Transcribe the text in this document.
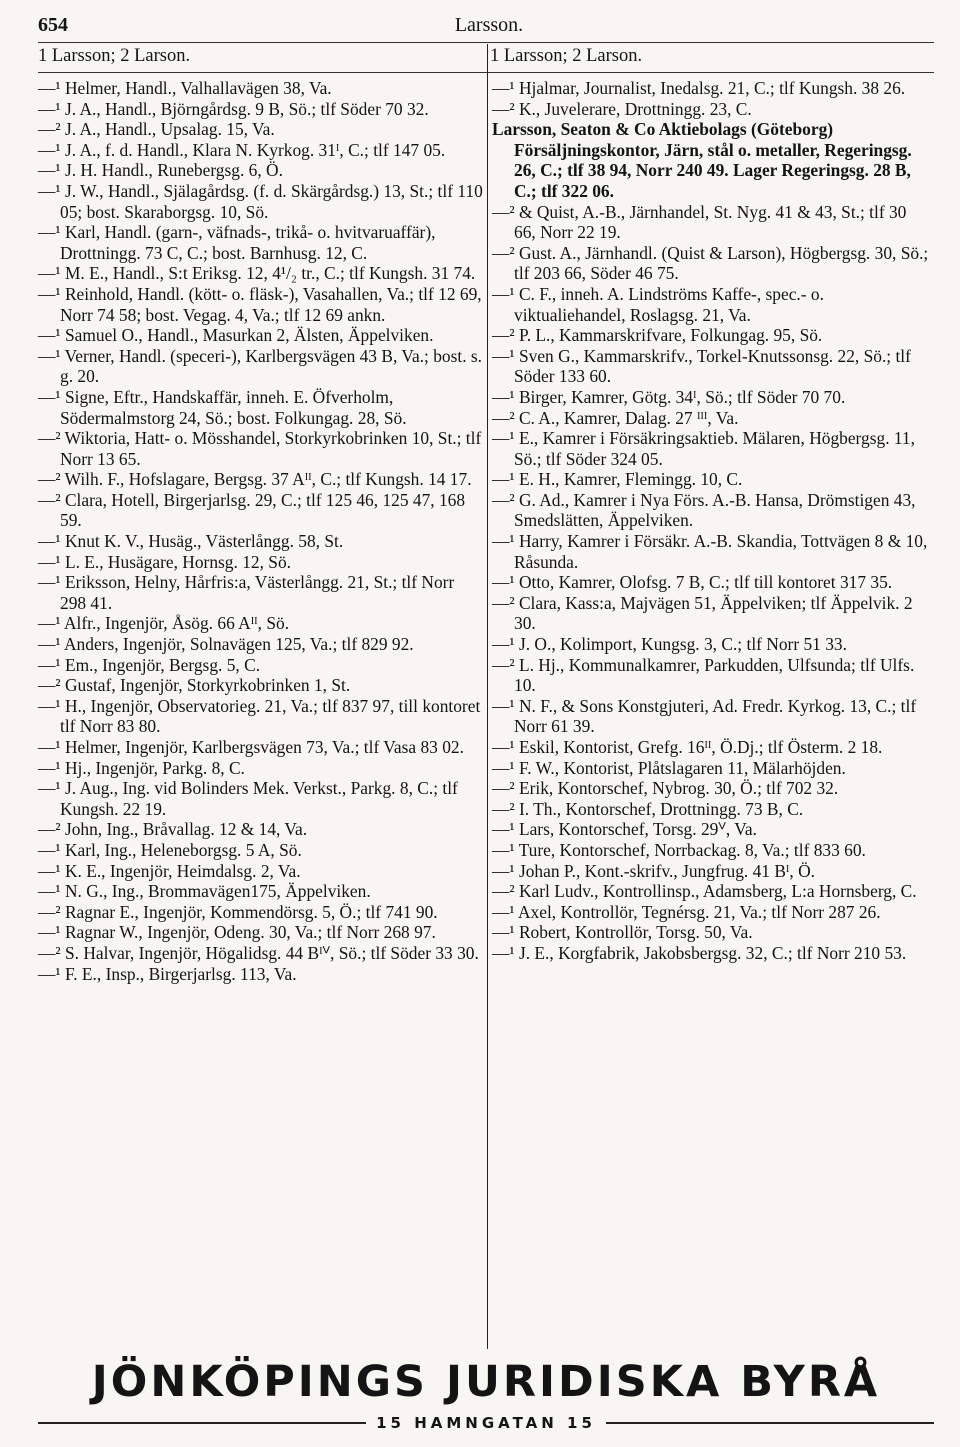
654	Larsson.
1 Larsson; 2 Larson.	1 Larsson; 2 Larson.

—¹ Helmer, Handl., Valhallavägen 38, Va.

—¹ J. A., Handl., Björngårdsg. 9 B, Sö.; tlf Söder 70 32.

—² J. A., Handl., Upsalag. 15, Va.

—¹ J. A., f. d. Handl., Klara N. Kyrkog. 31ᴵ, C.; tlf 147 05.

—¹ J. H. Handl., Runebergsg. 6, Ö.

—¹ J. W., Handl., Själagårdsg. (f. d. Skärgårdsg.) 13, St.; tlf 110 05; bost. Skaraborgsg. 10, Sö.

—¹ Karl, Handl. (garn-, väfnads-, trikå- o. hvitvaruaffär), Drottningg. 73 C, C.; bost. Barnhusg. 12, C.

—¹ M. E., Handl., S:t Eriksg. 12, 4¹/₂ tr., C.; tlf Kungsh. 31 74.

—¹ Reinhold, Handl. (kött- o. fläsk-), Vasahallen, Va.; tlf 12 69, Norr 74 58; bost. Vegag. 4, Va.; tlf 12 69 ankn.

—¹ Samuel O., Handl., Masurkan 2, Älsten, Äppelviken.

—¹ Verner, Handl. (speceri-), Karlbergsvägen 43 B, Va.; bost. s. g. 20.

—¹ Signe, Eftr., Handskaffär, inneh. E. Öfverholm, Södermalmstorg 24, Sö.; bost. Folkungag. 28, Sö.

—² Wiktoria, Hatt- o. Mösshandel, Storkyrkobrinken 10, St.; tlf Norr 13 65.

—² Wilh. F., Hofslagare, Bergsg. 37 Aᴵᴵ, C.; tlf Kungsh. 14 17.

—² Clara, Hotell, Birgerjarlsg. 29, C.; tlf 125 46, 125 47, 168 59.

—¹ Knut K. V., Husäg., Västerlångg. 58, St.

—¹ L. E., Husägare, Hornsg. 12, Sö.

—¹ Eriksson, Helny, Hårfris:a, Västerlångg. 21, St.; tlf Norr 298 41.

—¹ Alfr., Ingenjör, Åsög. 66 Aᴵᴵ, Sö.

—¹ Anders, Ingenjör, Solnavägen 125, Va.; tlf 829 92.

—¹ Em., Ingenjör, Bergsg. 5, C.

—² Gustaf, Ingenjör, Storkyrkobrinken 1, St.

—¹ H., Ingenjör, Observatorieg. 21, Va.; tlf 837 97, till kontoret tlf Norr 83 80.

—¹ Helmer, Ingenjör, Karlbergsvägen 73, Va.; tlf Vasa 83 02.

—¹ Hj., Ingenjör, Parkg. 8, C.

—¹ J. Aug., Ing. vid Bolinders Mek. Verkst., Parkg. 8, C.; tlf Kungsh. 22 19.

—² John, Ing., Bråvallag. 12 & 14, Va.

—¹ Karl, Ing., Heleneborgsg. 5 A, Sö.

—¹ K. E., Ingenjör, Heimdalsg. 2, Va.

—¹ N. G., Ing., Brommavägen175, Äppelviken.

—² Ragnar E., Ingenjör, Kommendörsg. 5, Ö.; tlf 741 90.

—¹ Ragnar W., Ingenjör, Odeng. 30, Va.; tlf Norr 268 97.

—² S. Halvar, Ingenjör, Högalidsg. 44 Bᴵⱽ, Sö.; tlf Söder 33 30.

—¹ F. E., Insp., Birgerjarlsg. 113, Va.

—¹ Hjalmar, Journalist, Inedalsg. 21, C.; tlf Kungsh. 38 26.

—² K., Juvelerare, Drottningg. 23, C.

Larsson, Seaton & Co Aktiebolags (Göteborg) Försäljningskontor, Järn, stål o. metaller, Regeringsg. 26, C.; tlf 38 94, Norr 240 49. Lager Regeringsg. 28 B, C.; tlf 322 06.

—² & Quist, A.-B., Järnhandel, St. Nyg. 41 & 43, St.; tlf 30 66, Norr 22 19.

—² Gust. A., Järnhandl. (Quist & Larson), Högbergsg. 30, Sö.; tlf 203 66, Söder 46 75.

—¹ C. F., inneh. A. Lindströms Kaffe-, spec.- o. viktualiehandel, Roslagsg. 21, Va.

—² P. L., Kammarskrifvare, Folkungag. 95, Sö.

—¹ Sven G., Kammarskrifv., Torkel-Knutssonsg. 22, Sö.; tlf Söder 133 60.

—¹ Birger, Kamrer, Götg. 34ᴵ, Sö.; tlf Söder 70 70.

—² C. A., Kamrer, Dalag. 27 ᴵᴵᴵ, Va.

—¹ E., Kamrer i Försäkringsaktieb. Mälaren, Högbergsg. 11, Sö.; tlf Söder 324 05.

—¹ E. H., Kamrer, Flemingg. 10, C.

—² G. Ad., Kamrer i Nya Förs. A.-B. Hansa, Drömstigen 43, Smedslätten, Äppelviken.

—¹ Harry, Kamrer i Försäkr. A.-B. Skandia, Tottvägen 8 & 10, Råsunda.

—¹ Otto, Kamrer, Olofsg. 7 B, C.; tlf till kontoret 317 35.

—² Clara, Kass:a, Majvägen 51, Äppelviken; tlf Äppelvik. 2 30.

—¹ J. O., Kolimport, Kungsg. 3, C.; tlf Norr 51 33.

—² L. Hj., Kommunalkamrer, Parkudden, Ulfsunda; tlf Ulfs. 10.

—¹ N. F., & Sons Konstgjuteri, Ad. Fredr. Kyrkog. 13, C.; tlf Norr 61 39.

—¹ Eskil, Kontorist, Grefg. 16ᴵᴵ, Ö.Dj.; tlf Österm. 2 18.

—¹ F. W., Kontorist, Plåtslagaren 11, Mälarhöjden.

—² Erik, Kontorschef, Nybrog. 30, Ö.; tlf 702 32.

—² I. Th., Kontorschef, Drottningg. 73 B, C.

—¹ Lars, Kontorschef, Torsg. 29ⱽ, Va.

—¹ Ture, Kontorschef, Norrbackag. 8, Va.; tlf 833 60.

—¹ Johan P., Kont.-skrifv., Jungfrug. 41 Bᴵ, Ö.

—² Karl Ludv., Kontrollinsp., Adamsberg, L:a Hornsberg, C.

—¹ Axel, Kontrollör, Tegnérsg. 21, Va.; tlf Norr 287 26.

—¹ Robert, Kontrollör, Torsg. 50, Va.

—¹ J. E., Korgfabrik, Jakobsbergsg. 32, C.; tlf Norr 210 53.

JÖNKÖPINGS JURIDISKA BYRÅ
15 HAMNGATAN 15
